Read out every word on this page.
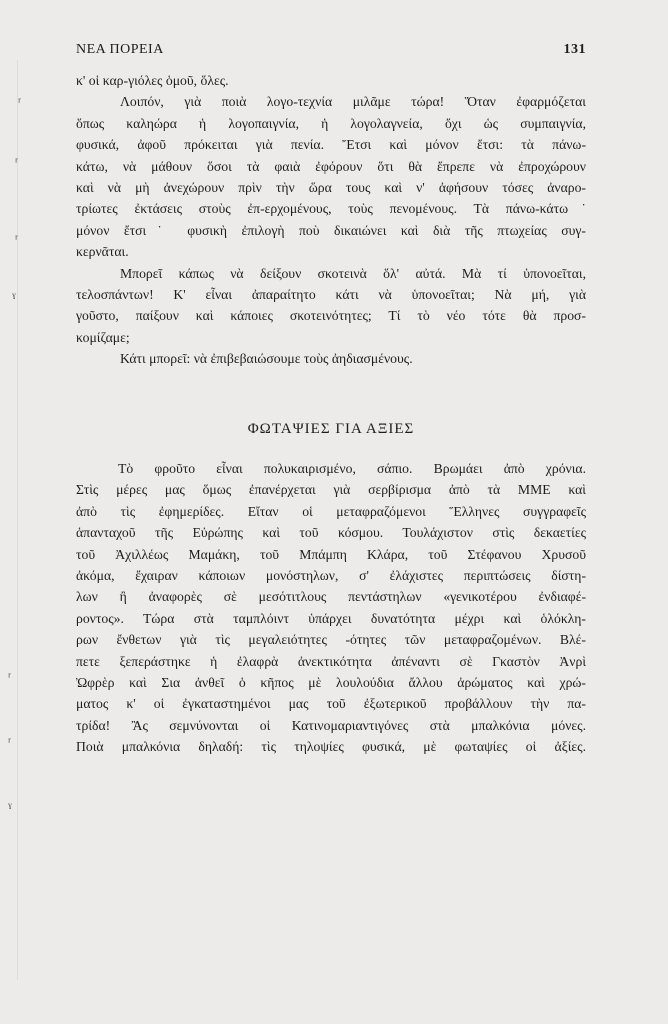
ʳ
ʳ
ʳ
ˠ
ʳ
ʳ
ˠ
ΝΕΑ ΠΟΡΕΙΑ	131
κ' οἱ καρ-γιόλες ὁμοῦ, ὅλες.
Λοιπόν, γιὰ ποιὰ λογο-τεχνία μιλᾶμε τώρα! Ὅταν ἐφαρμόζεται
ὅπως καληώρα ἡ λογοπαιγνία, ἡ λογολαγνεία, ὄχι ὡς συμπαιγνία,
φυσικά, ἀφοῦ πρόκειται γιὰ πενία. Ἔτσι καὶ μόνον ἔτσι: τὰ πάνω-
κάτω, νὰ μάθουν ὅσοι τὰ φαιὰ ἐφόρουν ὅτι θὰ ἔπρεπε νὰ ἐπροχώρουν
καὶ νὰ μὴ ἀνεχώρουν πρὶν τὴν ὥρα τους καὶ ν' ἀφήσουν τόσες ἀναρο-
τρίωτες ἐκτάσεις στοὺς ἐπ-ερχομένους, τοὺς πενομένους. Τὰ πάνω-κάτω˙
μόνον ἔτσι˙ φυσικὴ ἐπιλογὴ ποὺ δικαιώνει καὶ διὰ τῆς πτωχείας συγ-
κερνᾶται.
Μπορεῖ κάπως νὰ δείξουν σκοτεινὰ ὅλ' αὐτά. Μὰ τί ὑπονοεῖται,
τελοσπάντων! Κ' εἶναι ἀπαραίτητο κάτι νὰ ὑπονοεῖται; Νὰ μή, γιὰ
γοῦστο, παίξουν καὶ κάποιες σκοτεινότητες; Τί τὸ νέο τότε θὰ προσ-
κομίζαμε;
Κάτι μπορεῖ: νὰ ἐπιβεβαιώσουμε τοὺς ἀηδιασμένους.
ΦΩΤΑΨΙΕΣ ΓΙΑ ΑΞΙΕΣ
Τὸ φροῦτο εἶναι πολυκαιρισμένο, σάπιο. Βρωμάει ἀπὸ χρόνια.
Στὶς μέρες μας ὅμως ἐπανέρχεται γιὰ σερβίρισμα ἀπὸ τὰ ΜΜΕ καὶ
ἀπὸ τὶς ἐφημερίδες. Εἴταν οἱ μεταφραζόμενοι Ἕλληνες συγγραφεῖς
ἁπανταχοῦ τῆς Εὐρώπης καὶ τοῦ κόσμου. Τουλάχιστον στὶς δεκαετίες
τοῦ Ἀχιλλέως Μαμάκη, τοῦ Μπάμπη Κλάρα, τοῦ Στέφανου Χρυσοῦ
ἀκόμα, ἔχαιραν κάποιων μονόστηλων, σ' ἐλάχιστες περιπτώσεις δίστη-
λων ἢ ἀναφορὲς σὲ μεσότιτλους πεντάστηλων «γενικοτέρου ἐνδιαφέ-
ροντος». Τώρα στὰ ταμπλόιντ ὑπάρχει δυνατότητα μέχρι καὶ ὁλόκλη-
ρων ἔνθετων γιὰ τὶς μεγαλειότητες -ότητες τῶν μεταφραζομένων. Βλέ-
πετε ξεπεράστηκε ἡ ἐλαφρὰ ἀνεκτικότητα ἀπέναντι σὲ Γκαστὸν Ἀνρὶ
Ὠφρὲρ καὶ Σια ἀνθεῖ ὁ κῆπος μὲ λουλούδια ἄλλου ἀρώματος καὶ χρώ-
ματος κ' οἱ ἐγκαταστημένοι μας τοῦ ἐξωτερικοῦ προβάλλουν τὴν πα-
τρίδα! Ἂς σεμνύνονται οἱ Κατινομαριαντιγόνες στὰ μπαλκόνια μόνες.
Ποιὰ μπαλκόνια δηλαδή: τὶς τηλοψίες φυσικά, μὲ φωταψίες οἱ ἀξίες.
